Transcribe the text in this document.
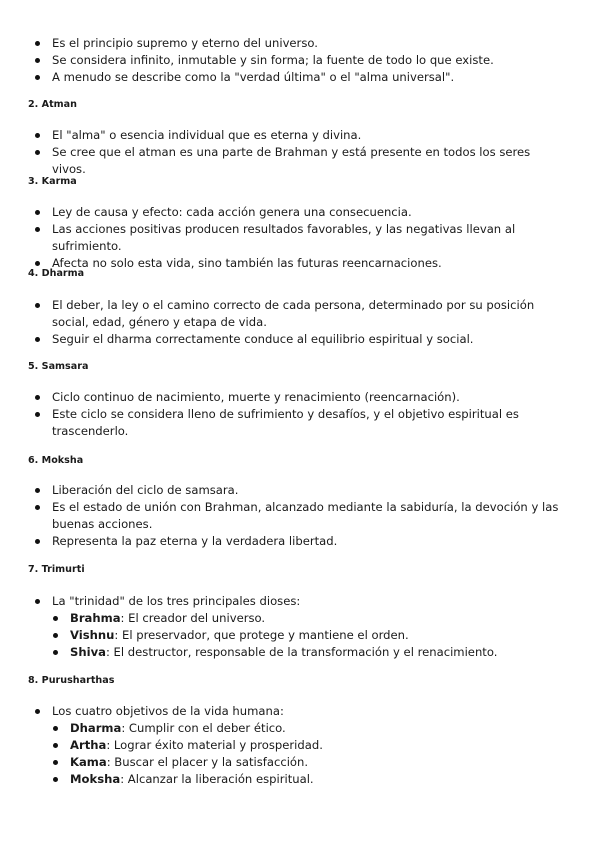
Es el principio supremo y eterno del universo.
Se considera infinito, inmutable y sin forma; la fuente de todo lo que existe.
A menudo se describe como la "verdad última" o el "alma universal".
2. Atman
El "alma" o esencia individual que es eterna y divina.
Se cree que el atman es una parte de Brahman y está presente en todos los seres vivos.
3. Karma
Ley de causa y efecto: cada acción genera una consecuencia.
Las acciones positivas producen resultados favorables, y las negativas llevan al sufrimiento.
Afecta no solo esta vida, sino también las futuras reencarnaciones.
4. Dharma
El deber, la ley o el camino correcto de cada persona, determinado por su posición social, edad, género y etapa de vida.
Seguir el dharma correctamente conduce al equilibrio espiritual y social.
5. Samsara
Ciclo continuo de nacimiento, muerte y renacimiento (reencarnación).
Este ciclo se considera lleno de sufrimiento y desafíos, y el objetivo espiritual es trascenderlo.
6. Moksha
Liberación del ciclo de samsara.
Es el estado de unión con Brahman, alcanzado mediante la sabiduría, la devoción y las buenas acciones.
Representa la paz eterna y la verdadera libertad.
7. Trimurti
La "trinidad" de los tres principales dioses:
Brahma: El creador del universo.
Vishnu: El preservador, que protege y mantiene el orden.
Shiva: El destructor, responsable de la transformación y el renacimiento.
8. Purusharthas
Los cuatro objetivos de la vida humana:
Dharma: Cumplir con el deber ético.
Artha: Lograr éxito material y prosperidad.
Kama: Buscar el placer y la satisfacción.
Moksha: Alcanzar la liberación espiritual.
